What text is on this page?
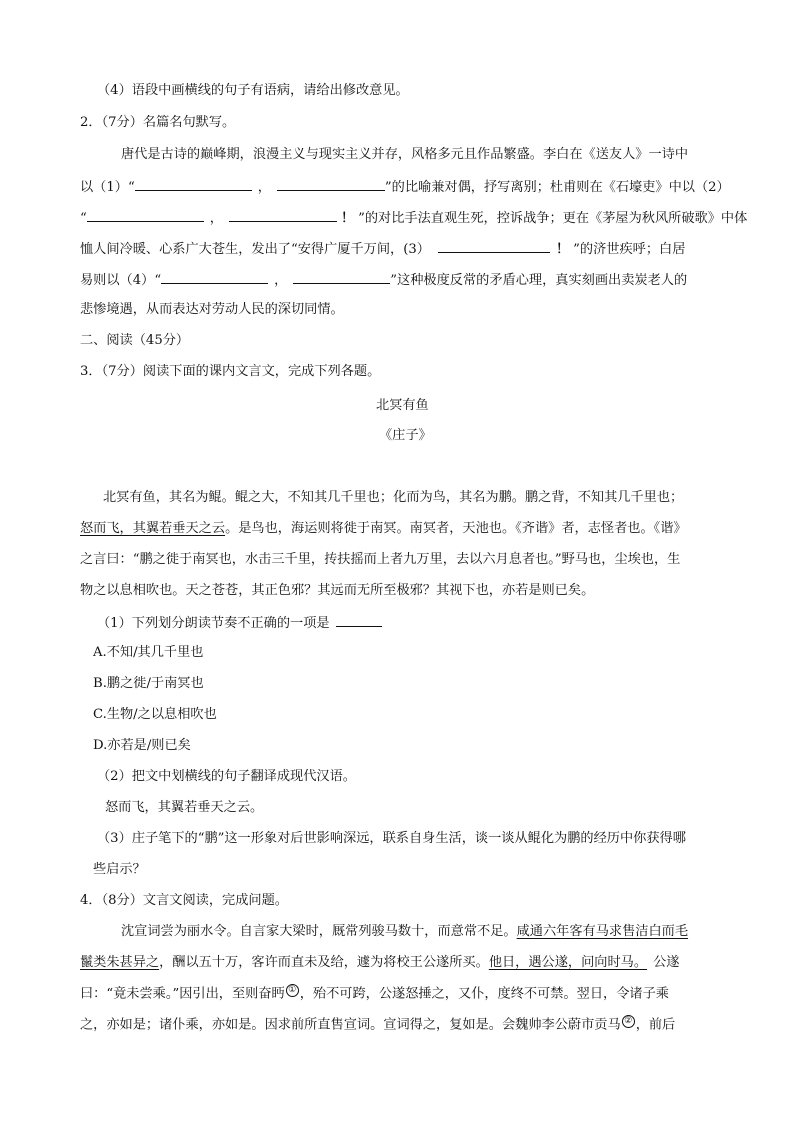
（4）语段中画横线的句子有语病，请给出修改意见。
2．（7分）名篇名句默写。
唐代是古诗的巅峰期，浪漫主义与现实主义并存，风格多元且作品繁盛。李白在《送友人》一诗中
以（1）“	，	”的比喻兼对偶，抒写离别；杜甫则在《石壕吏》中以（2）
“	，	！ ”的对比手法直观生死，控诉战争；更在《茅屋为秋风所破歌》中体
恤人间冷暖、心系广大苍生，发出了“安得广厦千万间，(3）	！ ”的济世疾呼；白居
易则以（4）“	，	”这种极度反常的矛盾心理，真实刻画出卖炭老人的
悲惨境遇，从而表达对劳动人民的深切同情。
二、阅读（45分）
3．（7分）阅读下面的课内文言文，完成下列各题。
北冥有鱼
《庄子》
北冥有鱼，其名为鲲。鲲之大，不知其几千里也；化而为鸟，其名为鹏。鹏之背，不知其几千里也；
怒而飞，其翼若垂天之云。是鸟也，海运则将徙于南冥。南冥者，天池也。《齐谐》者，志怪者也。《谐》
之言曰：“鹏之徙于南冥也，水击三千里，抟扶摇而上者九万里，去以六月息者也。”野马也，尘埃也，生
物之以息相吹也。天之苍苍，其正色邪？其远而无所至极邪？其视下也，亦若是则已矣。
（1）下列划分朗读节奏不正确的一项是
A.不知/其几千里也
B.鹏之徙/于南冥也
C.生物/之以息相吹也
D.亦若是/则已矣
（2）把文中划横线的句子翻译成现代汉语。
怒而飞，其翼若垂天之云。
（3）庄子笔下的“鹏”这一形象对后世影响深远，联系自身生活，谈一谈从鲲化为鹏的经历中你获得哪
些启示？
4．（8分）文言文阅读，完成问题。
沈宣词尝为丽水令。自言家大梁时，厩常列骏马数十，而意常不足。咸通六年客有马求售洁白而毛
鬣类朱甚异之，酬以五十万，客许而直未及给，遽为将校王公遂所买。他日，遇公遂，问向时马。 公遂
曰：“竟未尝乘。”因引出，至则奋眄 ① ，殆不可跨，公遂怒捶之，又仆，度终不可禁。翌日，令诸子乘
之，亦如是；诸仆乘，亦如是。因求前所直售宣词。宣词得之，复如是。会魏帅李公蔚市贡马 ② ，前后
